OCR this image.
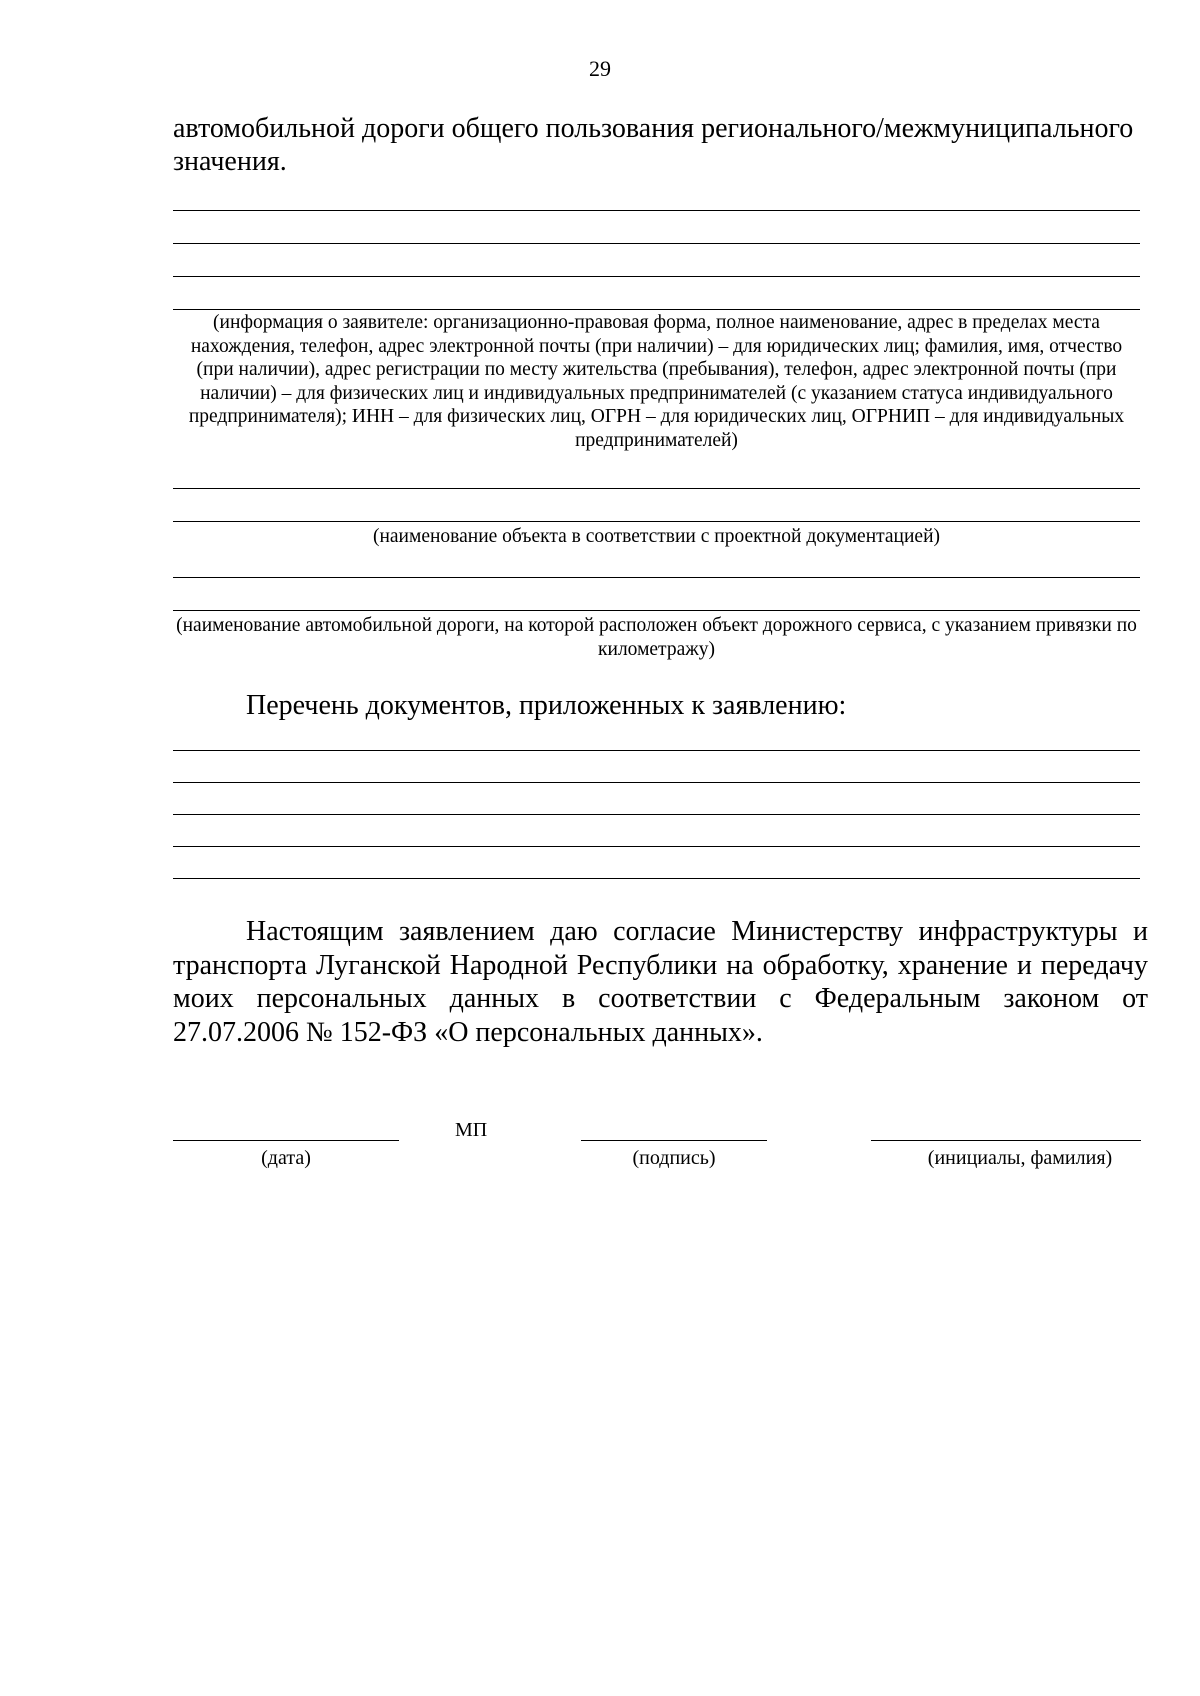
29

автомобильной дороги общего пользования регионального/межмуниципального значения.

(информация о заявителе: организационно-правовая форма, полное наименование, адрес в пределах места нахождения, телефон, адрес электронной почты (при наличии) – для юридических лиц; фамилия, имя, отчество (при наличии), адрес регистрации по месту жительства (пребывания), телефон, адрес электронной почты (при наличии) – для физических лиц и индивидуальных предпринимателей (с указанием статуса индивидуального предпринимателя); ИНН – для физических лиц, ОГРН – для юридических лиц, ОГРНИП – для индивидуальных предпринимателей)

(наименование объекта в соответствии с проектной документацией)

(наименование автомобильной дороги, на которой расположен объект дорожного сервиса, с указанием привязки по километражу)

Перечень документов, приложенных к заявлению:

Настоящим заявлением даю согласие Министерству инфраструктуры и транспорта Луганской Народной Республики на обработку, хранение и передачу моих персональных данных в соответствии с Федеральным законом от 27.07.2006 № 152-ФЗ «О персональных данных».

МП
(дата)	(подпись)	(инициалы, фамилия)
